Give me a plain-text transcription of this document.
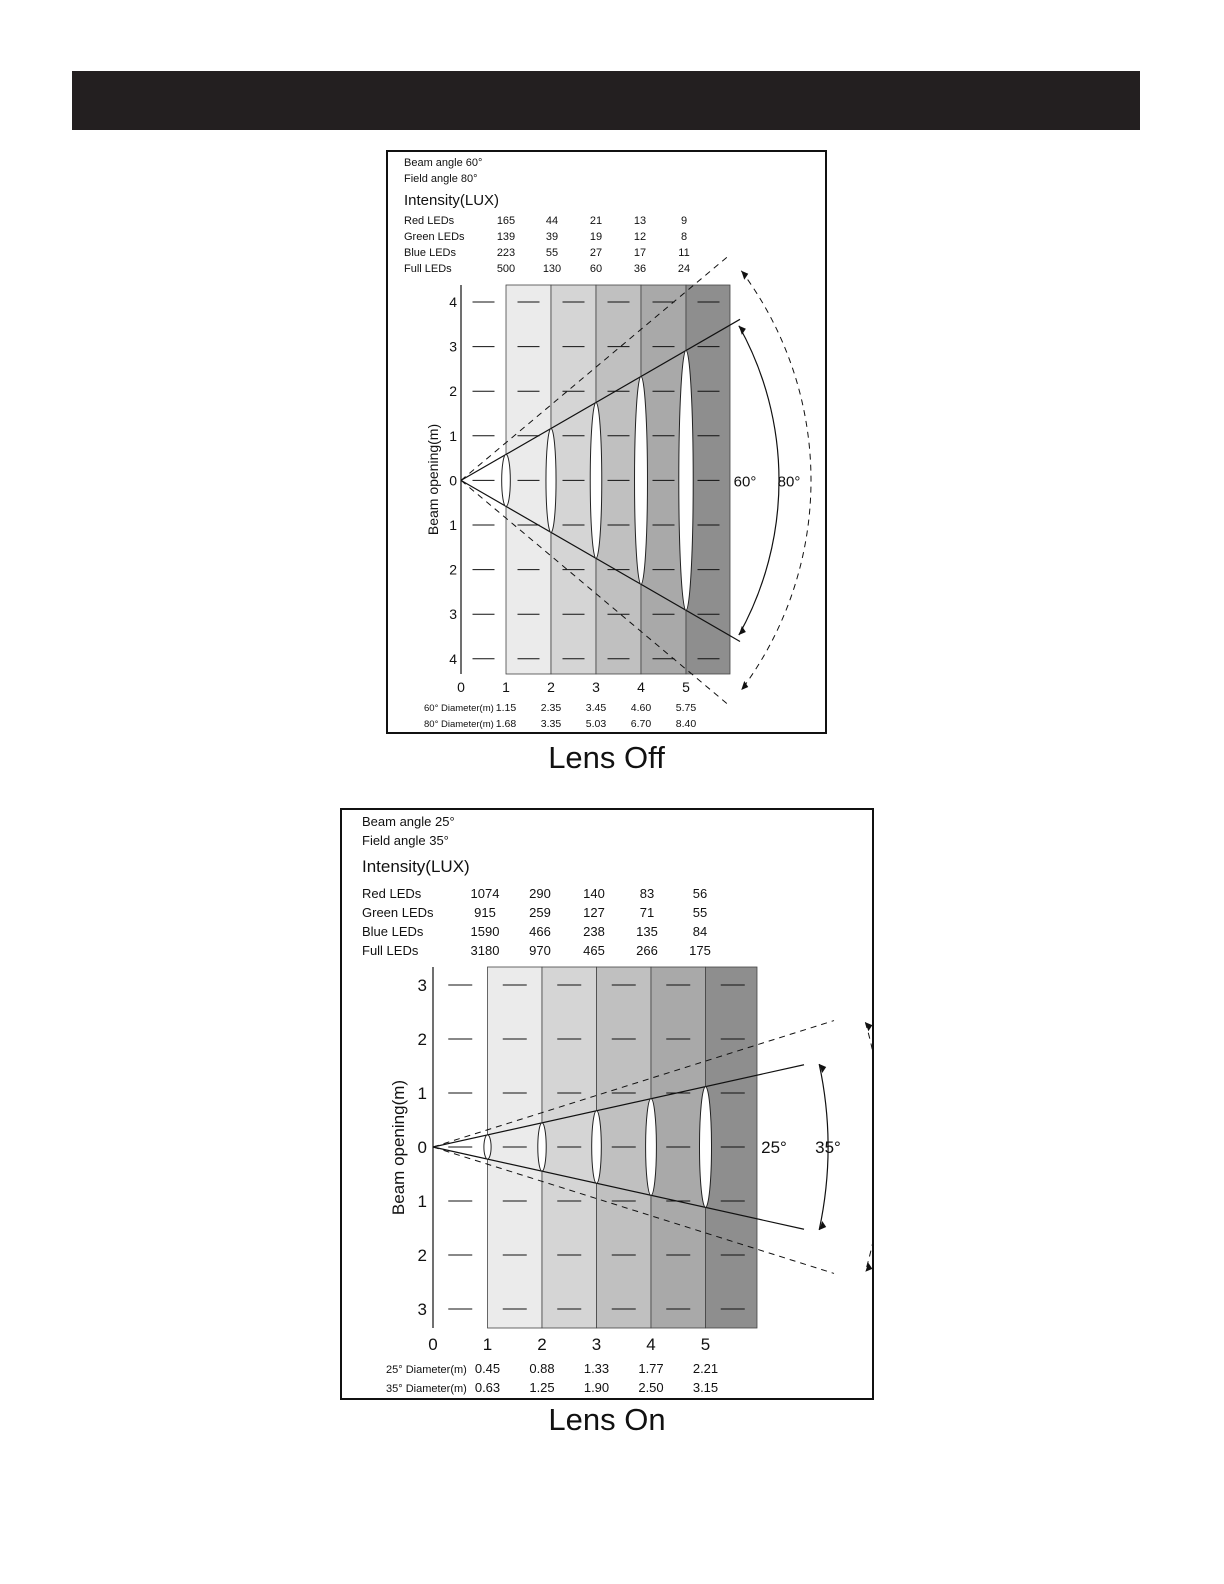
Beam angle 60°
Field angle 80°
Intensity(LUX)
Red LEDs	165	44	21	13	9
Green LEDs	139	39	19	12	8
Blue LEDs	223	55	27	17	11
Full LEDs	500	130	60	36	24
4
3
2
1
0
1
2
3
4
Beam opening(m)
0	1	2	3	4	5
60° 80°
60° Diameter(m) 1.15 2.35 3.45 4.60 5.75
80° Diameter(m) 1.68 3.35 5.03 6.70 8.40
Lens Off
Beam angle 25°
Field angle 35°
Intensity(LUX)
Red LEDs	1074 290 140	83	56
Green LEDs	915	259 127	71	55
Blue LEDs	1590 466 238 135	84
Full LEDs	3180 970 465 266 175
3
2
1
0
1
2
3
Beam opening(m)
0	1	2	3	4	5
25° 35°
25° Diameter(m) 0.45 0.88 1.33 1.77 2.21
35° Diameter(m) 0.63 1.25 1.90 2.50 3.15
Lens On
